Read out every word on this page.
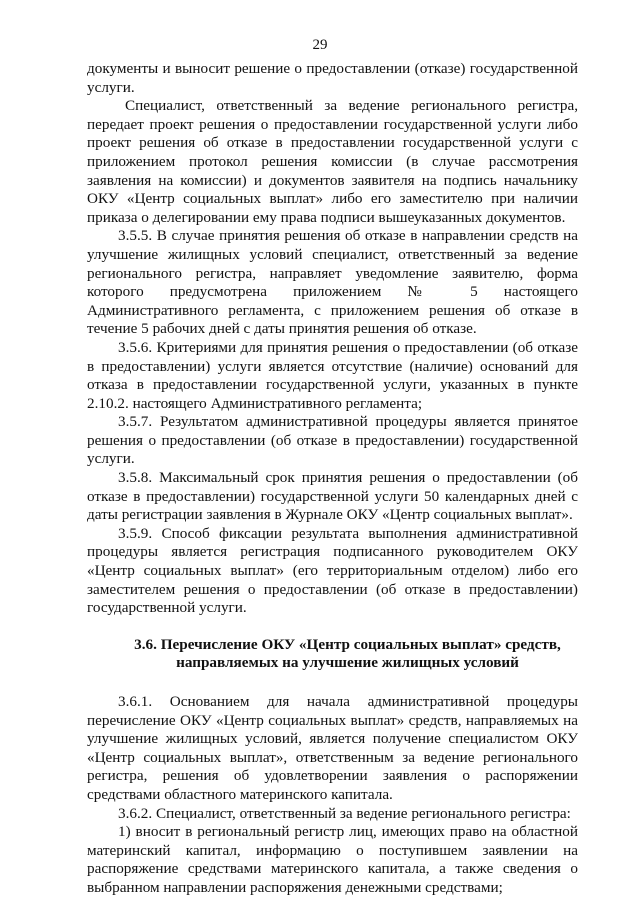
29

документы и выносит решение о предоставлении (отказе) государственной услуги.

Специалист, ответственный за ведение регионального регистра, передает проект решения о предоставлении государственной услуги либо проект решения об отказе в предоставлении государственной услуги с приложением протокол решения комиссии (в случае рассмотрения заявления на комиссии) и документов заявителя на подпись начальнику ОКУ «Центр социальных выплат» либо его заместителю при наличии приказа о делегировании ему права подписи вышеуказанных документов.

3.5.5. В случае принятия решения об отказе в направлении средств на улучшение жилищных условий специалист, ответственный за ведение регионального регистра, направляет уведомление заявителю, форма которого предусмотрена приложением № 5 настоящего Административного регламента, с приложением решения об отказе в течение 5 рабочих дней с даты принятия решения об отказе.

3.5.6. Критериями для принятия решения о предоставлении (об отказе в предоставлении) услуги является отсутствие (наличие) оснований для отказа в предоставлении государственной услуги, указанных в пункте 2.10.2. настоящего Административного регламента;

3.5.7. Результатом административной процедуры является принятое решения о предоставлении (об отказе в предоставлении) государственной услуги.

3.5.8. Максимальный срок принятия решения о предоставлении (об отказе в предоставлении) государственной услуги 50 календарных дней с даты регистрации заявления в Журнале ОКУ «Центр социальных выплат».

3.5.9. Способ фиксации результата выполнения административной процедуры является регистрация подписанного руководителем ОКУ «Центр социальных выплат» (его территориальным отделом) либо его заместителем решения о предоставлении (об отказе в предоставлении) государственной услуги.

3.6. Перечисление ОКУ «Центр социальных выплат» средств,
направляемых на улучшение жилищных условий

3.6.1. Основанием для начала административной процедуры перечисление ОКУ «Центр социальных выплат» средств, направляемых на улучшение жилищных условий, является получение специалистом ОКУ «Центр социальных выплат», ответственным за ведение регионального регистра, решения об удовлетворении заявления о распоряжении средствами областного материнского капитала.

3.6.2. Специалист, ответственный за ведение регионального регистра:

1) вносит в региональный регистр лиц, имеющих право на областной материнский капитал, информацию о поступившем заявлении на распоряжение средствами материнского капитала, а также сведения о выбранном направлении распоряжения денежными средствами;
